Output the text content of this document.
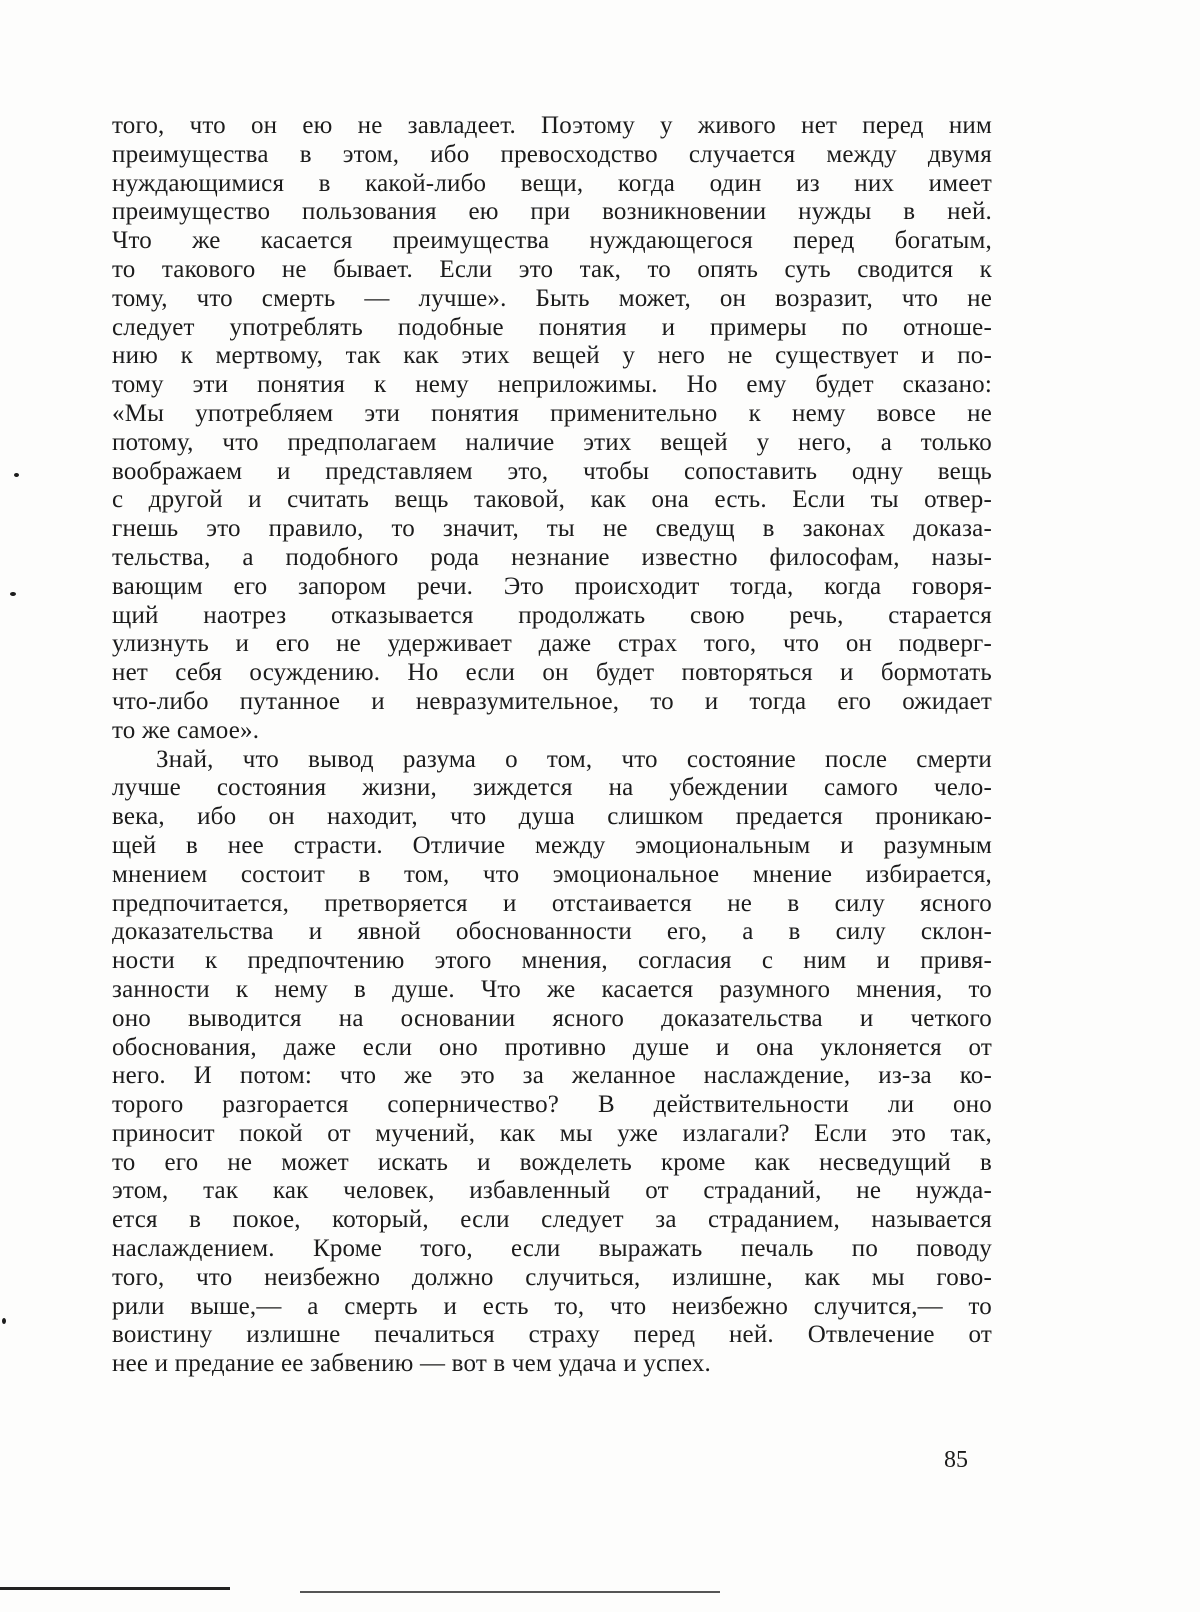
того, что он ею не завладеет. Поэтому у живого нет перед ним
преимущества в этом, ибо превосходство случается между двумя
нуждающимися в какой-либо вещи, когда один из них имеет
преимущество пользования ею при возникновении нужды в ней.
Что же касается преимущества нуждающегося перед богатым,
то такового не бывает. Если это так, то опять суть сводится к
тому, что смерть — лучше». Быть может, он возразит, что не
следует употреблять подобные понятия и примеры по отноше-
нию к мертвому, так как этих вещей у него не существует и по-
тому эти понятия к нему неприложимы. Но ему будет сказано:
«Мы употребляем эти понятия применительно к нему вовсе не
потому, что предполагаем наличие этих вещей у него, а только
воображаем и представляем это, чтобы сопоставить одну вещь
с другой и считать вещь таковой, как она есть. Если ты отвер-
гнешь это правило, то значит, ты не сведущ в законах доказа-
тельства, а подобного рода незнание известно философам, назы-
вающим его запором речи. Это происходит тогда, когда говоря-
щий наотрез отказывается продолжать свою речь, старается
улизнуть и его не удерживает даже страх того, что он подверг-
нет себя осуждению. Но если он будет повторяться и бормотать
что-либо путанное и невразумительное, то и тогда его ожидает
то же самое».
Знай, что вывод разума о том, что состояние после смерти
лучше состояния жизни, зиждется на убеждении самого чело-
века, ибо он находит, что душа слишком предается проникаю-
щей в нее страсти. Отличие между эмоциональным и разумным
мнением состоит в том, что эмоциональное мнение избирается,
предпочитается, претворяется и отстаивается не в силу ясного
доказательства и явной обоснованности его, а в силу склон-
ности к предпочтению этого мнения, согласия с ним и привя-
занности к нему в душе. Что же касается разумного мнения, то
оно выводится на основании ясного доказательства и четкого
обоснования, даже если оно противно душе и она уклоняется от
него. И потом: что же это за желанное наслаждение, из-за ко-
торого разгорается соперничество? В действительности ли оно
приносит покой от мучений, как мы уже излагали? Если это так,
то его не может искать и вожделеть кроме как несведущий в
этом, так как человек, избавленный от страданий, не нужда-
ется в покое, который, если следует за страданием, называется
наслаждением. Кроме того, если выражать печаль по поводу
того, что неизбежно должно случиться, излишне, как мы гово-
рили выше,— а смерть и есть то, что неизбежно случится,— то
воистину излишне печалиться страху перед ней. Отвлечение от
нее и предание ее забвению — вот в чем удача и успех.
85
